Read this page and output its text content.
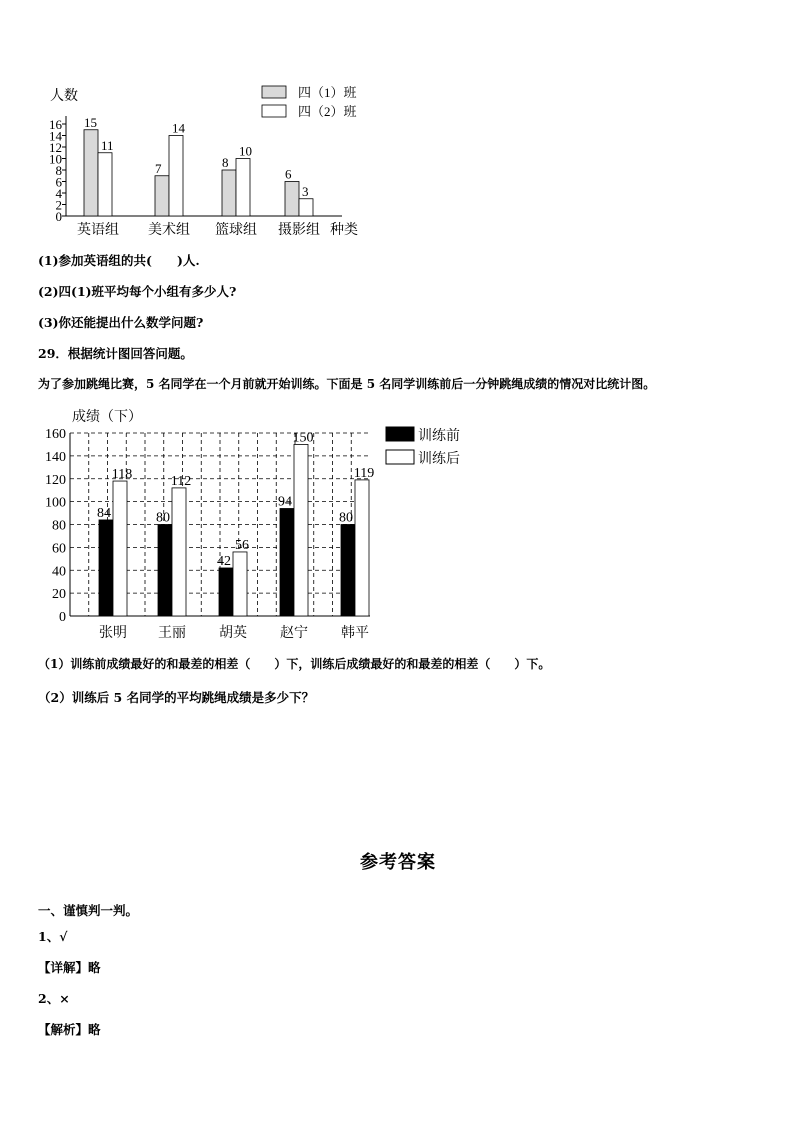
0
2
4
6
8
10
12
14
16
人数
种类
15
11
英语组
7
14
美术组
8
10
篮球组
6
3
摄影组
四（1）班
四（2）班
(1)参加英语组的共(　　)人.
(2)四(1)班平均每个小组有多少人?
(3)你还能提出什么数学问题?
29．根据统计图回答问题。
为了参加跳绳比赛，5 名同学在一个月前就开始训练。下面是 5 名同学训练前后一分钟跳绳成绩的情况对比统计图。
0
20
40
60
80
100
120
140
160
成绩（下）
84
118
张明
80
112
王丽
42
56
胡英
94
150
赵宁
80
119
韩平
训练前
训练后
（1）训练前成绩最好的和最差的相差（　　）下，训练后成绩最好的和最差的相差（　　）下。
（2）训练后 5 名同学的平均跳绳成绩是多少下？
参考答案
一、谨慎判一判。
1、√
【详解】略
2、×
【解析】略
